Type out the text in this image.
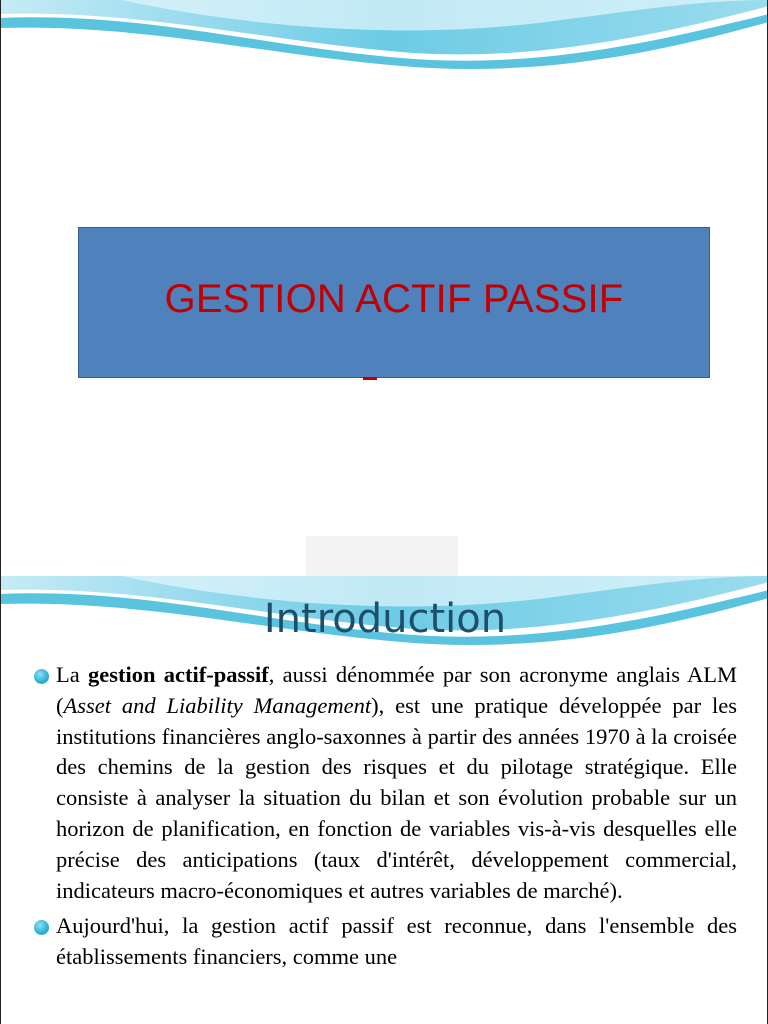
GESTION ACTIF PASSIF
Introduction
La gestion actif-passif, aussi dénommée par son acronyme anglais ALM (Asset and Liability Management), est une pratique développée par les institutions financières anglo-saxonnes à partir des années 1970 à la croisée des chemins de la gestion des risques et du pilotage stratégique. Elle consiste à analyser la situation du bilan et son évolution probable sur un horizon de planification, en fonction de variables vis-à-vis desquelles elle précise des anticipations (taux d'intérêt, développement commercial, indicateurs macro-économiques et autres variables de marché).
Aujourd'hui, la gestion actif passif est reconnue, dans l'ensemble des établissements financiers, comme une
